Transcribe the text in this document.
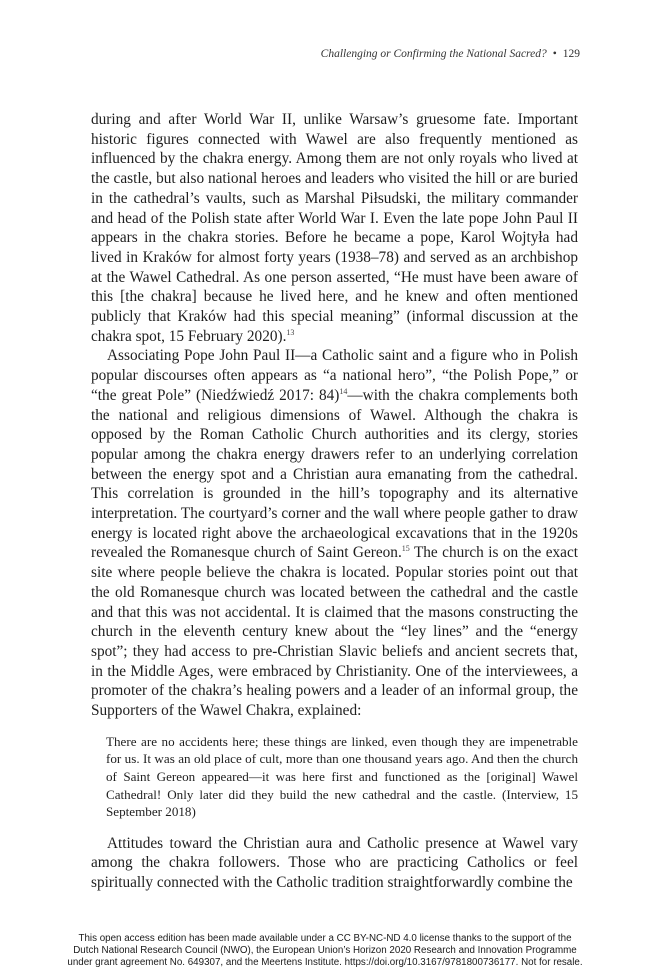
Challenging or Confirming the National Sacred? • 129

during and after World War II, unlike Warsaw’s gruesome fate. Important historic figures connected with Wawel are also frequently mentioned as influenced by the chakra energy. Among them are not only royals who lived at the castle, but also national heroes and leaders who visited the hill or are buried in the cathedral’s vaults, such as Marshal Piłsudski, the military commander and head of the Polish state after World War I. Even the late pope John Paul II appears in the chakra stories. Before he became a pope, Karol Wojtyła had lived in Kraków for almost forty years (1938–78) and served as an archbishop at the Wawel Cathedral. As one person asserted, “He must have been aware of this [the chakra] because he lived here, and he knew and often mentioned publicly that Kraków had this special meaning” (informal discussion at the chakra spot, 15 February 2020).$^{13}$

Associating Pope John Paul II—a Catholic saint and a figure who in Polish popular discourses often appears as “a national hero”, “the Polish Pope,” or “the great Pole” (Niedźwiedź 2017: 84)$^{14}$—with the chakra complements both the national and religious dimensions of Wawel. Although the chakra is opposed by the Roman Catholic Church authorities and its clergy, stories popular among the chakra energy drawers refer to an underlying correlation between the energy spot and a Christian aura emanating from the cathedral. This correlation is grounded in the hill’s topography and its alternative interpretation. The courtyard’s corner and the wall where people gather to draw energy is located right above the archaeological excavations that in the 1920s revealed the Romanesque church of Saint Gereon.$^{15}$ The church is on the exact site where people believe the chakra is located. Popular stories point out that the old Romanesque church was located between the cathedral and the castle and that this was not accidental. It is claimed that the masons constructing the church in the eleventh century knew about the “ley lines” and the “energy spot”; they had access to pre-Christian Slavic beliefs and ancient secrets that, in the Middle Ages, were embraced by Christianity. One of the interviewees, a promoter of the chakra’s healing powers and a leader of an informal group, the Supporters of the Wawel Chakra, explained:

There are no accidents here; these things are linked, even though they are impenetrable for us. It was an old place of cult, more than one thousand years ago. And then the church of Saint Gereon appeared—it was here first and functioned as the [original] Wawel Cathedral! Only later did they build the new cathedral and the castle. (Interview, 15 September 2018)

Attitudes toward the Christian aura and Catholic presence at Wawel vary among the chakra followers. Those who are practicing Catholics or feel spiritually connected with the Catholic tradition straightforwardly combine the

This open access edition has been made available under a CC BY-NC-ND 4.0 license thanks to the support of the
Dutch National Research Council (NWO), the European Union’s Horizon 2020 Research and Innovation Programme
under grant agreement No. 649307, and the Meertens Institute. https://doi.org/10.3167/9781800736177. Not for resale.
